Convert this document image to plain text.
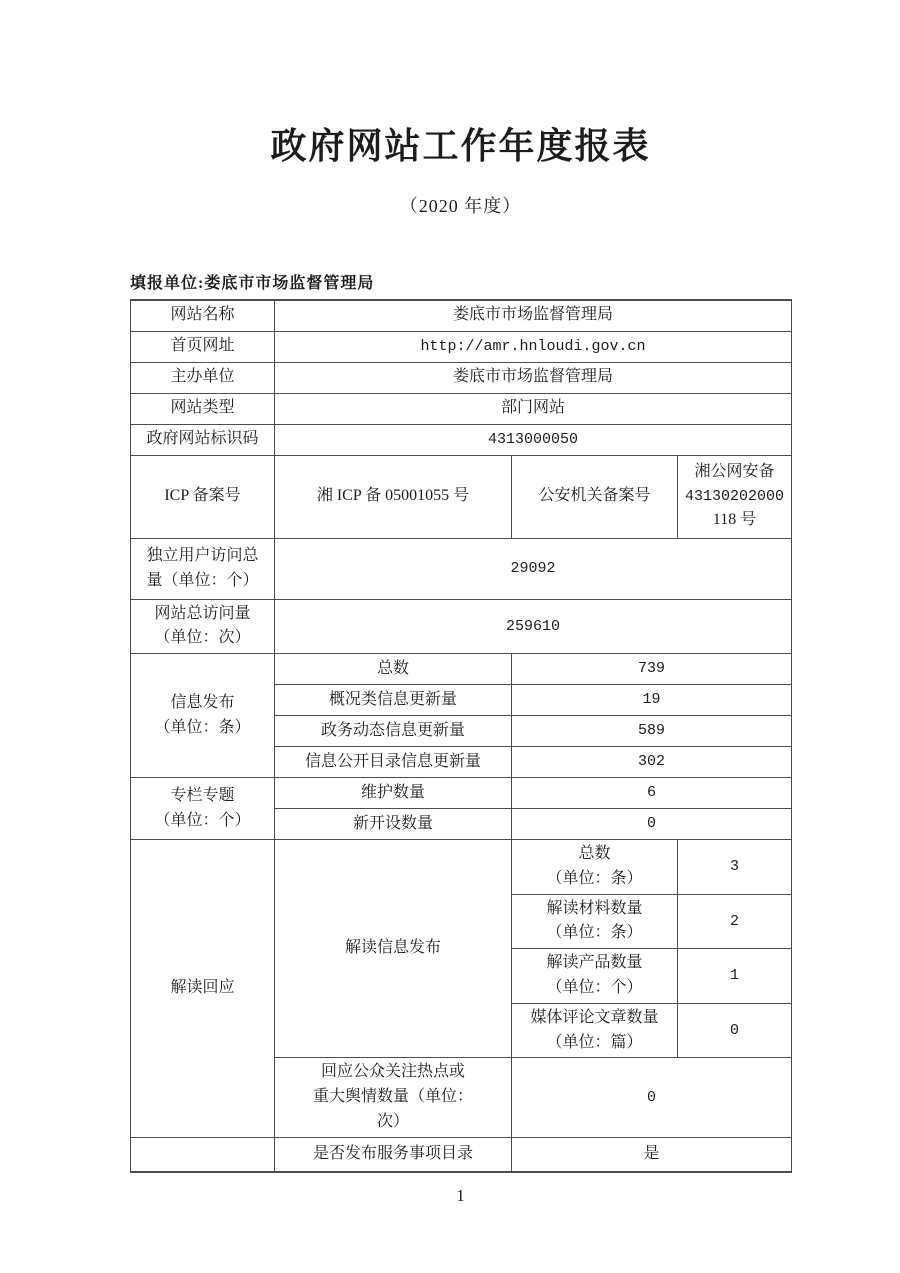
政府网站工作年度报表
（2020 年度）
填报单位:娄底市市场监督管理局
网站名称	娄底市市场监督管理局		
首页网址	http://amr.hnloudi.gov.cn		
主办单位	娄底市市场监督管理局		
网站类型	部门网站		
政府网站标识码	4313000050		
ICP 备案号	湘 ICP 备 05001055 号	公安机关备案号	湘公网安备
43130202000
118 号

独立用户访问总
量（单位：个）	29092		

网站总访问量
（单位：次）	259610		

信息发布
（单位：条）	总数	739	
	概况类信息更新量	19	
	政务动态信息更新量	589	
	信息公开目录信息更新量	302	

专栏专题
（单位：个）	维护数量	6	
	新开设数量	0	
解读回应	解读信息发布	总数
（单位：条）	3

		解读材料数量
（单位：条）	2

		解读产品数量
（单位：个）	1

		媒体评论文章数量
（单位：篇）	0

	回应公众关注热点或
重大舆情数量（单位：
次）	0	
	是否发布服务事项目录	是	
1
